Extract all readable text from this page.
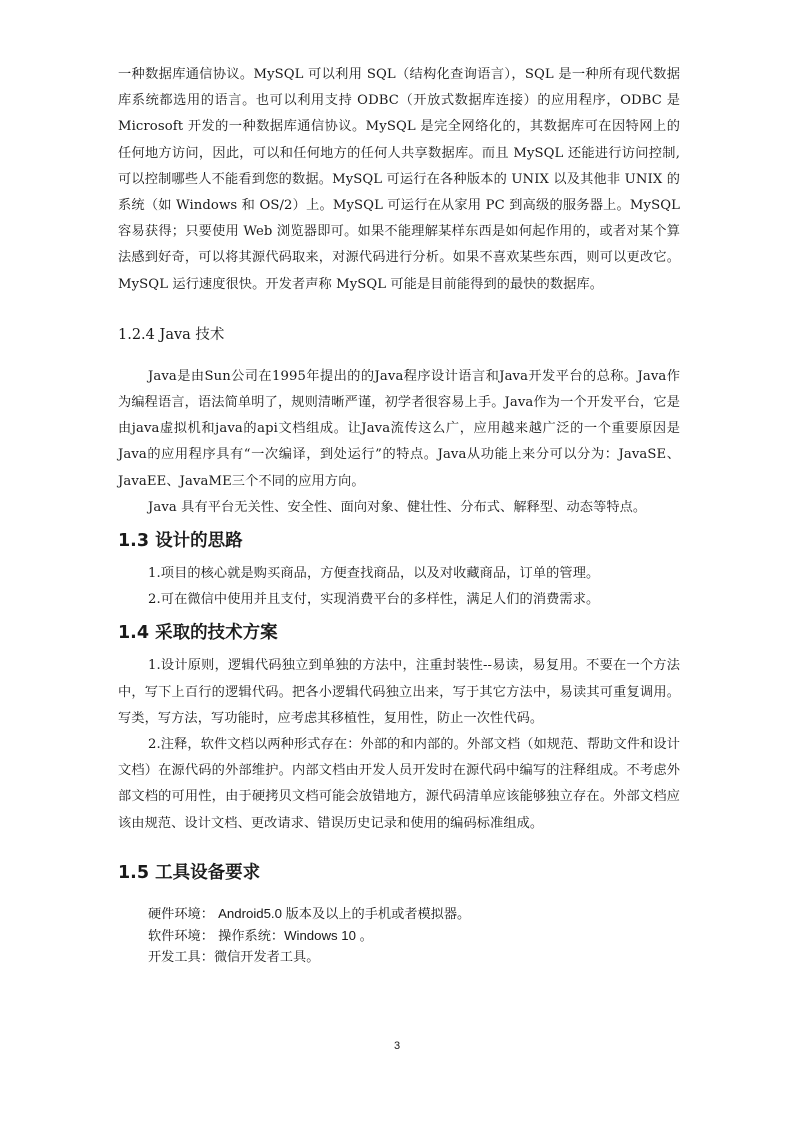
一种数据库通信协议。MySQL 可以利用 SQL（结构化查询语言），SQL 是一种所有现代数据库系统都选用的语言。也可以利用支持 ODBC（开放式数据库连接）的应用程序，ODBC 是 Microsoft 开发的一种数据库通信协议。MySQL 是完全网络化的，其数据库可在因特网上的任何地方访问，因此，可以和任何地方的任何人共享数据库。而且 MySQL 还能进行访问控制,可以控制哪些人不能看到您的数据。MySQL 可运行在各种版本的 UNIX 以及其他非 UNIX 的系统（如 Windows 和 OS/2）上。MySQL 可运行在从家用 PC 到高级的服务器上。MySQL 容易获得；只要使用 Web 浏览器即可。如果不能理解某样东西是如何起作用的，或者对某个算法感到好奇，可以将其源代码取来，对源代码进行分析。如果不喜欢某些东西，则可以更改它。MySQL 运行速度很快。开发者声称 MySQL 可能是目前能得到的最快的数据库。

1.2.4 Java 技术

Java是由Sun公司在1995年提出的的Java程序设计语言和Java开发平台的总称。Java作为编程语言，语法简单明了，规则清晰严谨，初学者很容易上手。Java作为一个开发平台，它是由java虚拟机和java的api文档组成。让Java流传这么广，应用越来越广泛的一个重要原因是Java的应用程序具有“一次编译，到处运行”的特点。Java从功能上来分可以分为：JavaSE、JavaEE、JavaME三个不同的应用方向。

Java 具有平台无关性、安全性、面向对象、健壮性、分布式、解释型、动态等特点。

1.3 设计的思路

1.项目的核心就是购买商品，方便查找商品，以及对收藏商品，订单的管理。

2.可在微信中使用并且支付，实现消费平台的多样性，满足人们的消费需求。

1.4 采取的技术方案

1.设计原则，逻辑代码独立到单独的方法中，注重封装性--易读，易复用。不要在一个方法中，写下上百行的逻辑代码。把各小逻辑代码独立出来，写于其它方法中，易读其可重复调用。写类，写方法，写功能时，应考虑其移植性，复用性，防止一次性代码。

2.注释，软件文档以两种形式存在：外部的和内部的。外部文档（如规范、帮助文件和设计文档）在源代码的外部维护。内部文档由开发人员开发时在源代码中编写的注释组成。不考虑外部文档的可用性，由于硬拷贝文档可能会放错地方，源代码清单应该能够独立存在。外部文档应该由规范、设计文档、更改请求、错误历史记录和使用的编码标准组成。

1.5 工具设备要求

硬件环境： Android5.0 版本及以上的手机或者模拟器。

软件环境： 操作系统：Windows 10 。

开发工具：微信开发者工具。

3
